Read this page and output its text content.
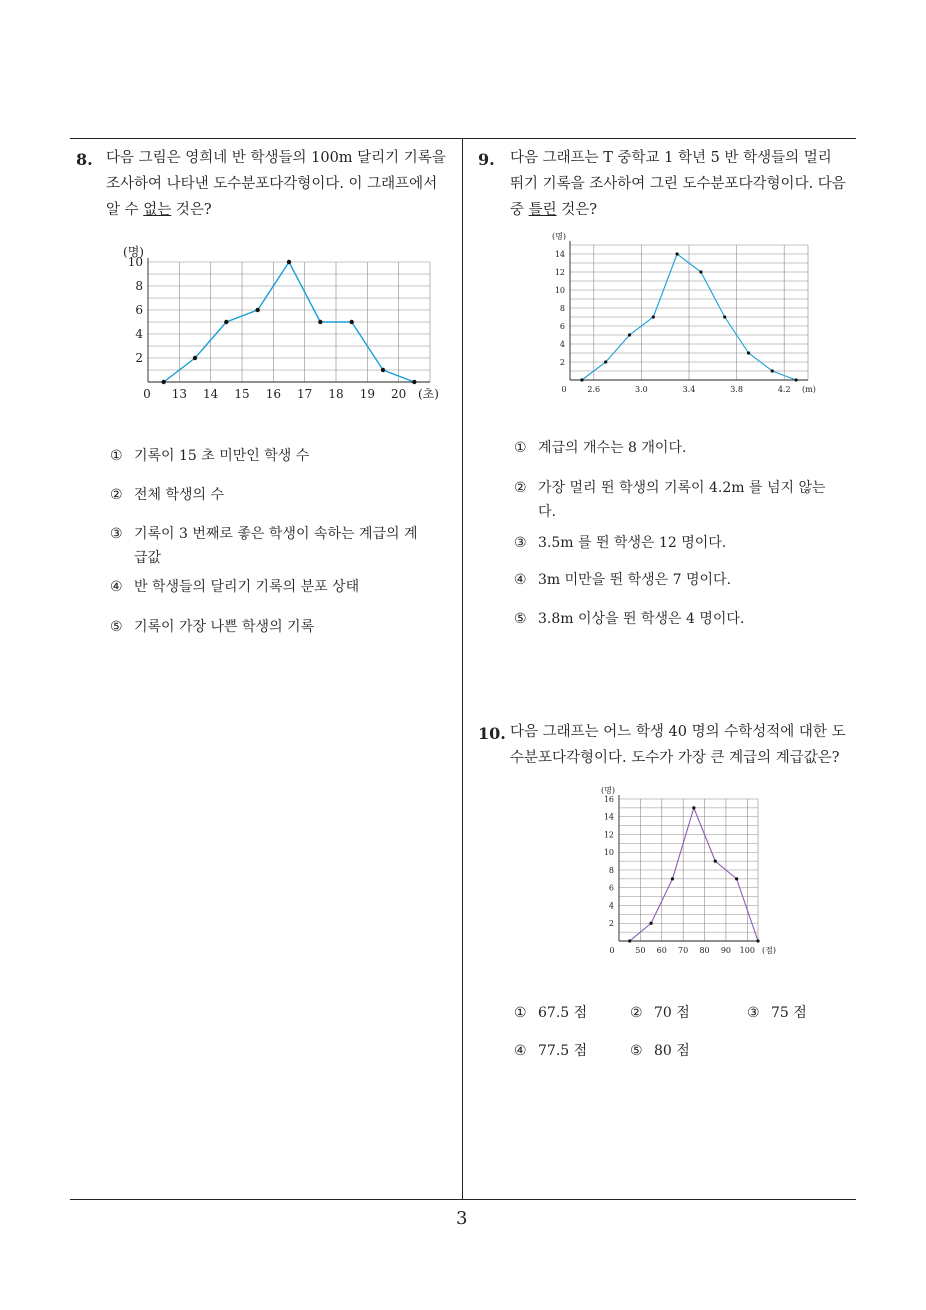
8. 다음 그림은 영희네 반 학생들의 100m 달리기 기록을
조사하여 나타낸 도수분포다각형이다. 이 그래프에서
알 수 없는 것은?
2
4
6
8
10
13 14 15 16 17 18 19 20
0
(명)
(초)
① 기록이 15 초 미만인 학생 수
② 전체 학생의 수
③ 기록이 3 번째로 좋은 학생이 속하는 계급의 계
급값
④ 반 학생들의 달리기 기록의 분포 상태
⑤ 기록이 가장 나쁜 학생의 기록
9. 다음 그래프는 T 중학교 1 학년 5 반 학생들의 멀리
뛰기 기록을 조사하여 그린 도수분포다각형이다. 다음
중 틀린 것은?
2
4
6
8
10
12
14
2.6	3.0	3.4	3.8	4.2
0
(명)
(m)
① 계급의 개수는 8 개이다.
② 가장 멀리 뛴 학생의 기록이 4.2m 를 넘지 않는
다.
③ 3.5m 를 뛴 학생은 12 명이다.
④ 3m 미만을 뛴 학생은 7 명이다.
⑤ 3.8m 이상을 뛴 학생은 4 명이다.
10. 다음 그래프는 어느 학생 40 명의 수학성적에 대한 도
수분포다각형이다. 도수가 가장 큰 계급의 계급값은?
2
4
6
8
10
12
14
16
50 60 70 80 90 100
0
(명)
(점)
① 67.5 점	② 70 점	③ 75 점
④ 77.5 점	⑤ 80 점
3
